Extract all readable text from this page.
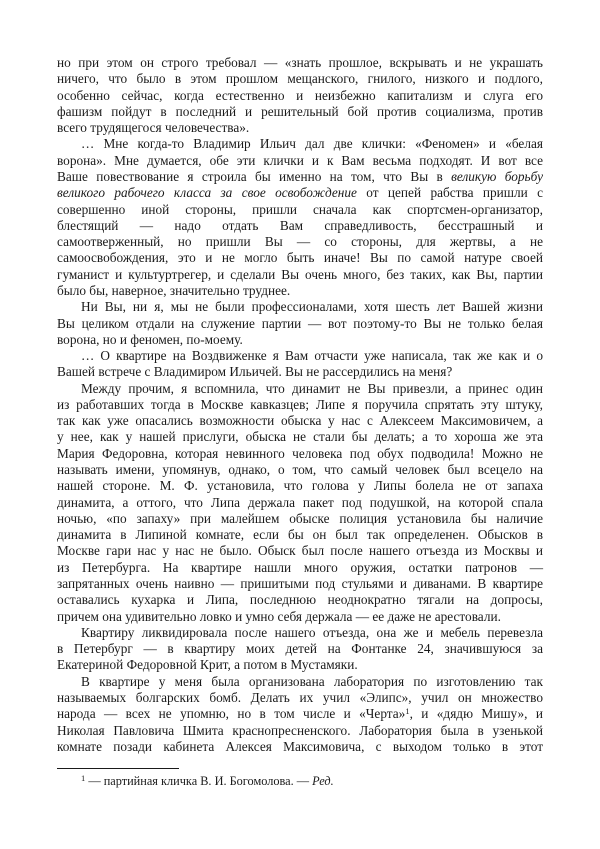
но при этом он строго требовал — «знать прошлое, вскрывать и не украшать
ничего, что было в этом прошлом мещанского, гнилого, низкого и подлого,
особенно сейчас, когда естественно и неизбежно капитализм и слуга его
фашизм пойдут в последний и решительный бой против социализма, против
всего трудящегося человечества».
… Мне когда-то Владимир Ильич дал две клички: «Феномен» и «белая
ворона». Мне думается, обе эти клички и к Вам весьма подходят. И вот все
Ваше повествование я строила бы именно на том, что Вы в великую борьбу
великого рабочего класса за свое освобождение от цепей рабства пришли с
совершенно иной стороны, пришли сначала как спортсмен-организатор,
блестящий — надо отдать Вам справедливость, бесстрашный и
самоотверженный, но пришли Вы — со стороны, для жертвы, а не
самоосвобождения, это и не могло быть иначе! Вы по самой натуре своей
гуманист и культуртрегер, и сделали Вы очень много, без таких, как Вы, партии
было бы, наверное, значительно труднее.
Ни Вы, ни я, мы не были профессионалами, хотя шесть лет Вашей жизни
Вы целиком отдали на служение партии — вот поэтому-то Вы не только белая
ворона, но и феномен, по-моему.
… О квартире на Воздвиженке я Вам отчасти уже написала, так же как и о
Вашей встрече с Владимиром Ильичей. Вы не рассердились на меня?
Между прочим, я вспомнила, что динамит не Вы привезли, а принес один
из работавших тогда в Москве кавказцев; Липе я поручила спрятать эту штуку,
так как уже опасались возможности обыска у нас с Алексеем Максимовичем, а
у нее, как у нашей прислуги, обыска не стали бы делать; а то хороша же эта
Мария Федоровна, которая невинного человека под обух подводила! Можно не
называть имени, упомянув, однако, о том, что самый человек был всецело на
нашей стороне. М. Ф. установила, что голова у Липы болела не от запаха
динамита, а оттого, что Липа держала пакет под подушкой, на которой спала
ночью, «по запаху» при малейшем обыске полиция установила бы наличие
динамита в Липиной комнате, если бы он был так определенен. Обысков в
Москве гари нас у нас не было. Обыск был после нашего отъезда из Москвы и
из Петербурга. На квартире нашли много оружия, остатки патронов —
запрятанных очень наивно — пришитыми под стульями и диванами. В квартире
оставались кухарка и Липа, последнюю неоднократно тягали на допросы,
причем она удивительно ловко и умно себя держала — ее даже не арестовали.
Квартиру ликвидировала после нашего отъезда, она же и мебель перевезла
в Петербург — в квартиру моих детей на Фонтанке 24, значившуюся за
Екатериной Федоровной Крит, а потом в Мустамяки.
В квартире у меня была организована лаборатория по изготовлению так
называемых болгарских бомб. Делать их учил «Элипс», учил он множество
народа — всех не упомню, но в том числе и «Черта»$^1$, и «дядю Мишу», и
Николая Павловича Шмита краснопресненского. Лаборатория была в узенькой
комнате позади кабинета Алексея Максимовича, с выходом только в этот
$^1$ — партийная кличка В. И. Богомолова. — Ред.
